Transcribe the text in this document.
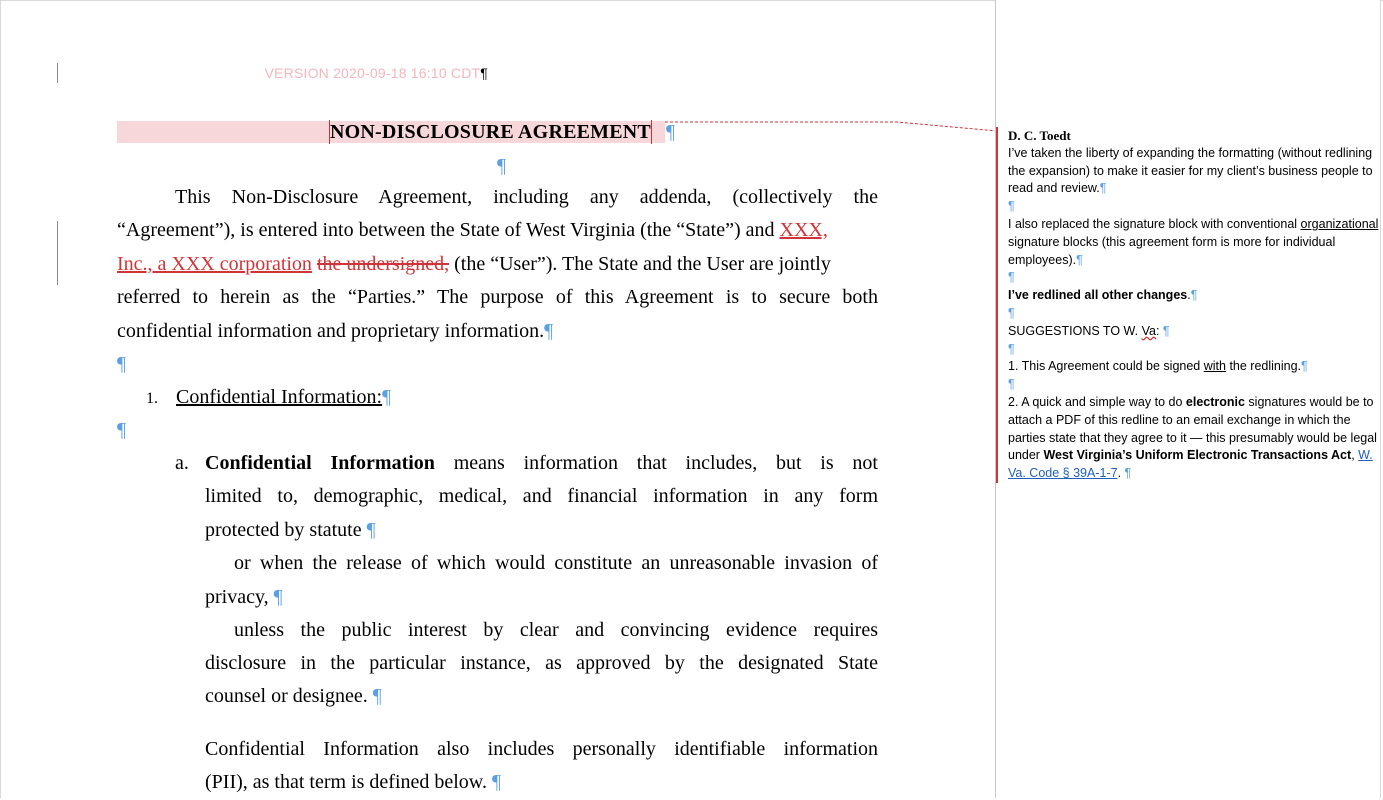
VERSION 2020-09-18 16:10 CDT¶
NON-DISCLOSURE AGREEMENT ¶
¶
This Non-Disclosure Agreement, including any addenda, (collectively the
“Agreement”), is entered into between the State of West Virginia (the “State”) and XXX,
Inc., a XXX corporation the undersigned, (the “User”). The State and the User are jointly
referred to herein as the “Parties.” The purpose of this Agreement is to secure both
confidential information and proprietary information.¶
¶
1. Confidential Information:¶
¶
a. Confidential Information means information that includes, but is not
limited to, demographic, medical, and financial information in any form
protected by statute ¶
or when the release of which would constitute an unreasonable invasion of
privacy, ¶
unless the public interest by clear and convincing evidence requires
disclosure in the particular instance, as approved by the designated State
counsel or designee. ¶
Confidential Information also includes personally identifiable information
(PII), as that term is defined below. ¶

D. C. Toedt

I’ve taken the liberty of expanding the formatting (without redlining the expansion) to make it easier for my client’s business people to read and review.¶

¶

I also replaced the signature block with conventional organizational signature blocks (this agreement form is more for individual employees).¶

¶

I’ve redlined all other changes.¶

¶

SUGGESTIONS TO W. Va: ¶

¶

1. This Agreement could be signed with the redlining.¶

¶

2. A quick and simple way to do electronic signatures would be to attach a PDF of this redline to an email exchange in which the parties state that they agree to it — this presumably would be legal under West Virginia’s Uniform Electronic Transactions Act, W. Va. Code § 39A-1-7. ¶
